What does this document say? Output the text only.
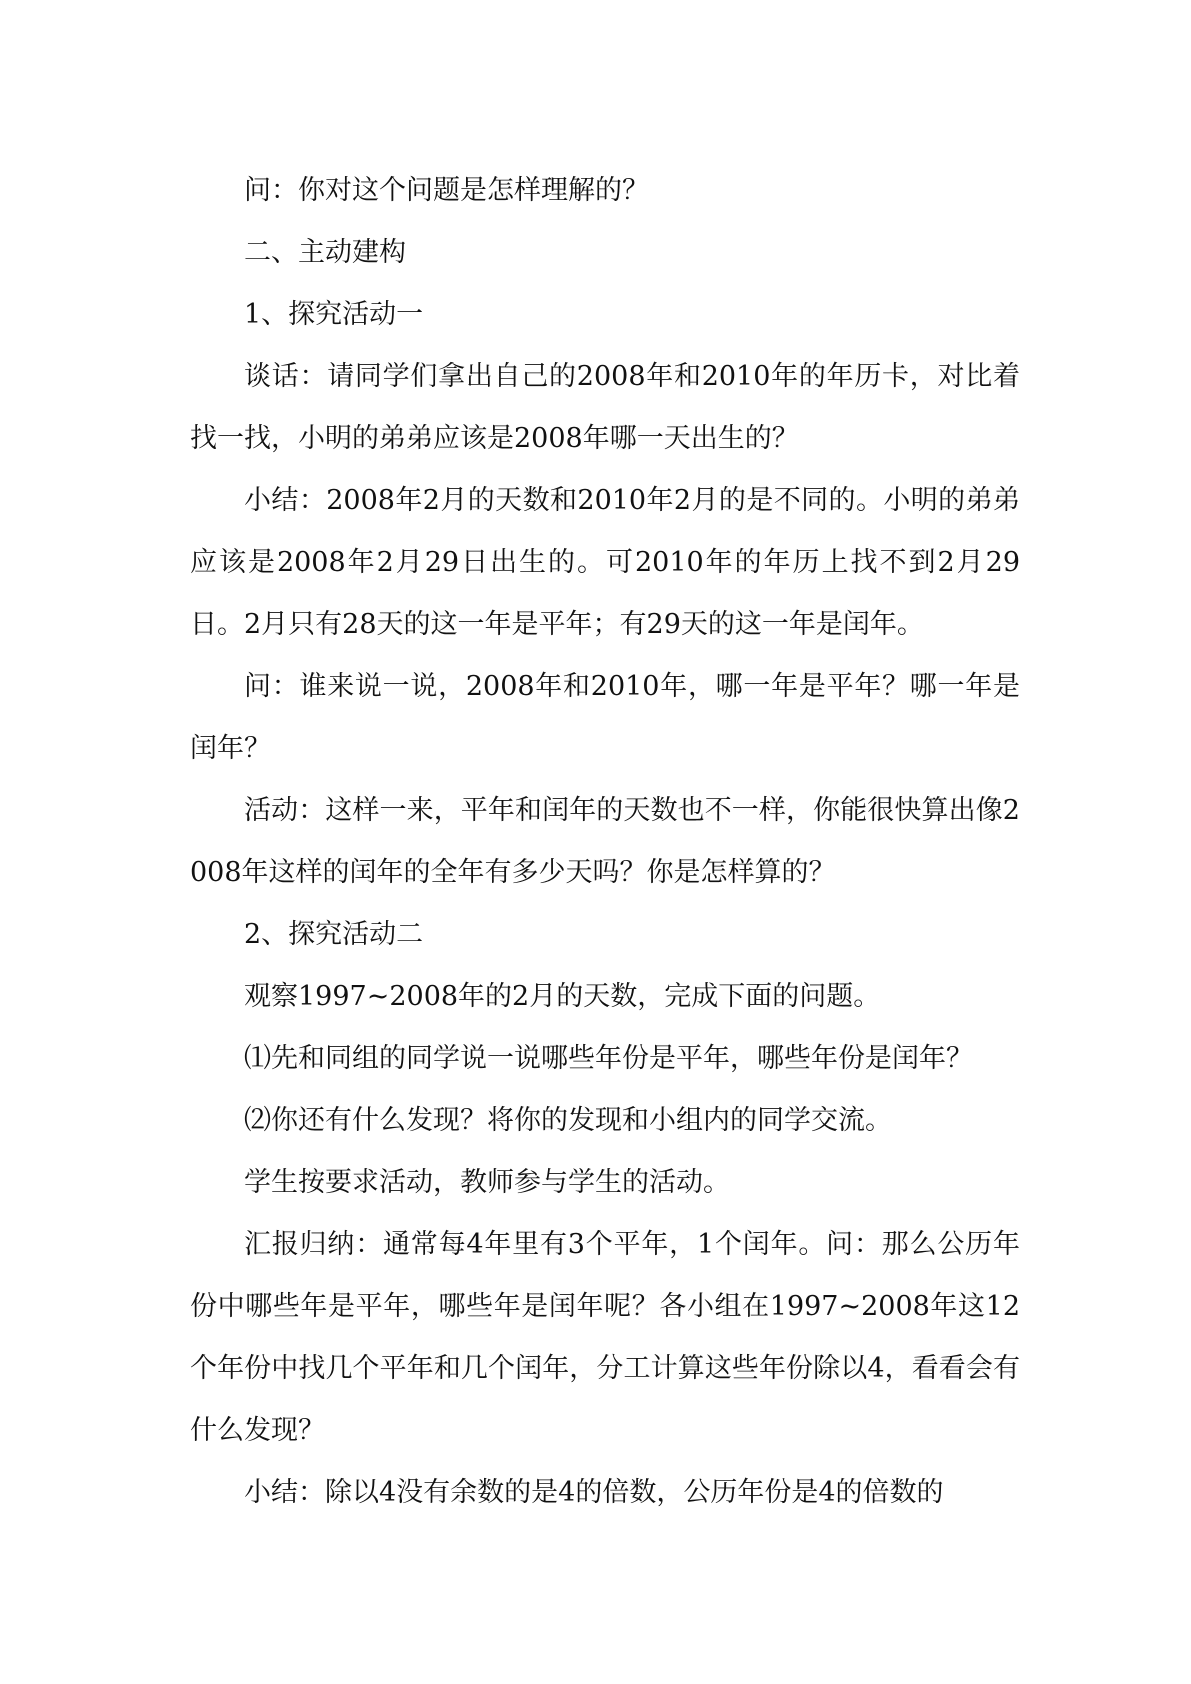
问：你对这个问题是怎样理解的？

二、主动建构

1、探究活动一

谈话：请同学们拿出自己的2008年和2010年的年历卡，对比着找一找，小明的弟弟应该是2008年哪一天出生的？

小结：2008年2月的天数和2010年2月的是不同的。小明的弟弟应该是2008年2月29日出生的。可2010年的年历上找不到2月29日。2月只有28天的这一年是平年；有29天的这一年是闰年。

问：谁来说一说，2008年和2010年，哪一年是平年？哪一年是闰年？

活动：这样一来，平年和闰年的天数也不一样，你能很快算出像2008年这样的闰年的全年有多少天吗？你是怎样算的？

2、探究活动二

观察1997~2008年的2月的天数，完成下面的问题。

⑴先和同组的同学说一说哪些年份是平年，哪些年份是闰年？

⑵你还有什么发现？将你的发现和小组内的同学交流。

学生按要求活动，教师参与学生的活动。

汇报归纳：通常每4年里有3个平年，1个闰年。问：那么公历年份中哪些年是平年，哪些年是闰年呢？各小组在1997~2008年这12个年份中找几个平年和几个闰年，分工计算这些年份除以4，看看会有什么发现？

小结：除以4没有余数的是4的倍数，公历年份是4的倍数的
